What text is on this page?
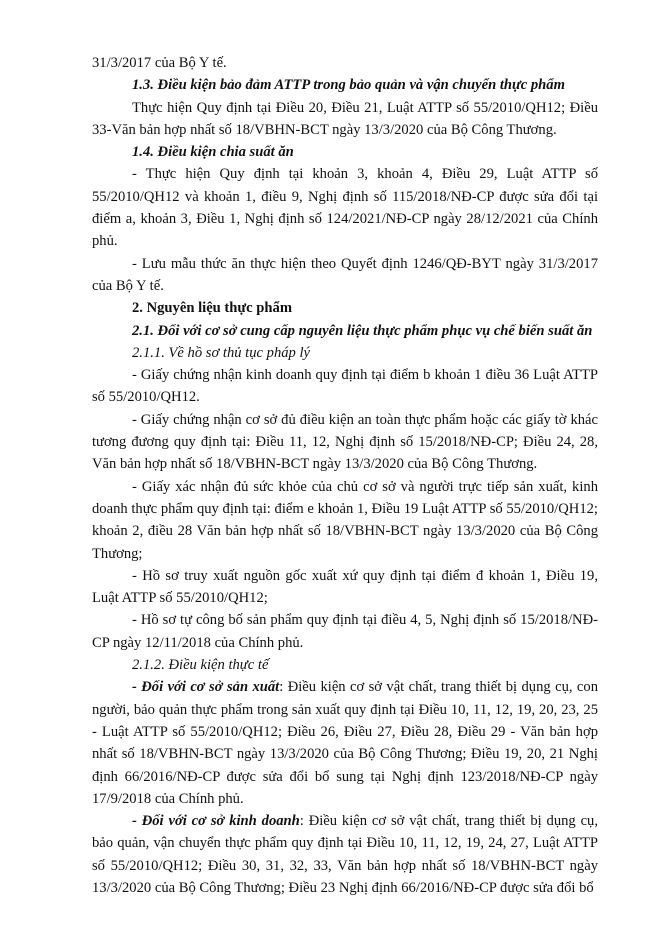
31/3/2017 của Bộ Y tế.

1.3. Điều kiện bảo đảm ATTP trong bảo quản và vận chuyển thực phẩm

Thực hiện Quy định tại Điều 20, Điều 21, Luật ATTP số 55/2010/QH12; Điều 33-Văn bản hợp nhất số 18/VBHN-BCT ngày 13/3/2020 của Bộ Công Thương.

1.4. Điều kiện chia suất ăn

- Thực hiện Quy định tại khoản 3, khoản 4, Điều 29, Luật ATTP số 55/2010/QH12 và khoản 1, điều 9, Nghị định số 115/2018/NĐ-CP được sửa đổi tại điểm a, khoản 3, Điều 1, Nghị định số 124/2021/NĐ-CP ngày 28/12/2021 của Chính phủ.

- Lưu mẫu thức ăn thực hiện theo Quyết định 1246/QĐ-BYT ngày 31/3/2017 của Bộ Y tế.

2. Nguyên liệu thực phẩm

2.1. Đối với cơ sở cung cấp nguyên liệu thực phẩm phục vụ chế biến suất ăn

2.1.1. Về hồ sơ thủ tục pháp lý

- Giấy chứng nhận kinh doanh quy định tại điểm b khoản 1 điều 36 Luật ATTP số 55/2010/QH12.

- Giấy chứng nhận cơ sở đủ điều kiện an toàn thực phẩm hoặc các giấy tờ khác tương đương quy định tại: Điều 11, 12, Nghị định số 15/2018/NĐ-CP; Điều 24, 28, Văn bản hợp nhất số 18/VBHN-BCT ngày 13/3/2020 của Bộ Công Thương.

- Giấy xác nhận đủ sức khỏe của chủ cơ sở và người trực tiếp sản xuất, kinh doanh thực phẩm quy định tại: điểm e khoản 1, Điều 19 Luật ATTP số 55/2010/QH12; khoản 2, điều 28 Văn bản hợp nhất số 18/VBHN-BCT ngày 13/3/2020 của Bộ Công Thương;

- Hồ sơ truy xuất nguồn gốc xuất xứ quy định tại điểm đ khoản 1, Điều 19, Luật ATTP số 55/2010/QH12;

- Hồ sơ tự công bố sản phẩm quy định tại điều 4, 5, Nghị định số 15/2018/NĐ-CP ngày 12/11/2018 của Chính phủ.

2.1.2. Điều kiện thực tế

- Đối với cơ sở sản xuất: Điều kiện cơ sở vật chất, trang thiết bị dụng cụ, con người, bảo quản thực phẩm trong sản xuất quy định tại Điều 10, 11, 12, 19, 20, 23, 25 - Luật ATTP số 55/2010/QH12; Điều 26, Điều 27, Điều 28, Điều 29 - Văn bản hợp nhất số 18/VBHN-BCT ngày 13/3/2020 của Bộ Công Thương; Điều 19, 20, 21 Nghị định 66/2016/NĐ-CP được sửa đổi bổ sung tại Nghị định 123/2018/NĐ-CP ngày 17/9/2018 của Chính phủ.

- Đối với cơ sở kinh doanh: Điều kiện cơ sở vật chất, trang thiết bị dụng cụ, bảo quản, vận chuyển thực phẩm quy định tại Điều 10, 11, 12, 19, 24, 27, Luật ATTP số 55/2010/QH12; Điều 30, 31, 32, 33, Văn bản hợp nhất số 18/VBHN-BCT ngày 13/3/2020 của Bộ Công Thương; Điều 23 Nghị định 66/2016/NĐ-CP được sửa đổi bổ
